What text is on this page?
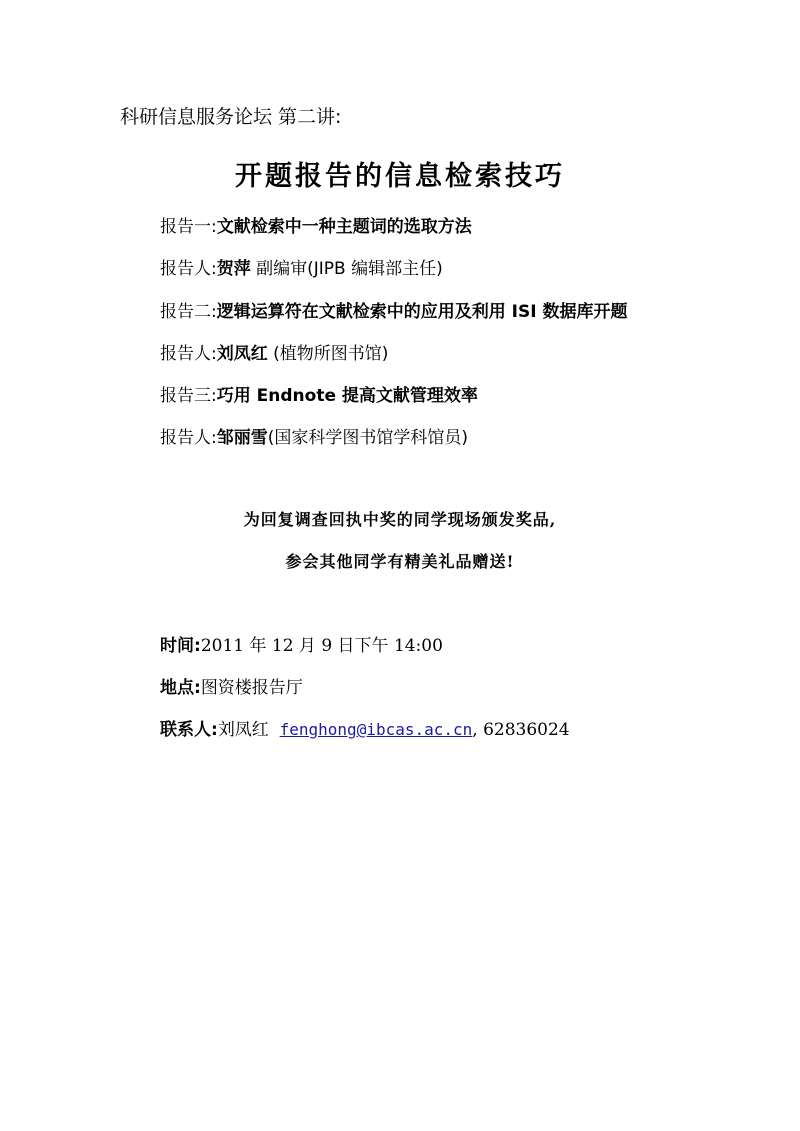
科研信息服务论坛 第二讲:
开题报告的信息检索技巧
报告一:文献检索中一种主题词的选取方法
报告人:贺萍 副编审(JIPB 编辑部主任)
报告二:逻辑运算符在文献检索中的应用及利用 ISI 数据库开题
报告人:刘凤红 (植物所图书馆)
报告三:巧用 Endnote 提高文献管理效率
报告人:邹丽雪(国家科学图书馆学科馆员)
为回复调查回执中奖的同学现场颁发奖品,
参会其他同学有精美礼品赠送!
时间:2011 年 12 月 9 日下午 14:00
地点:图资楼报告厅
联系人:刘凤红  fenghong@ibcas.ac.cn, 62836024
